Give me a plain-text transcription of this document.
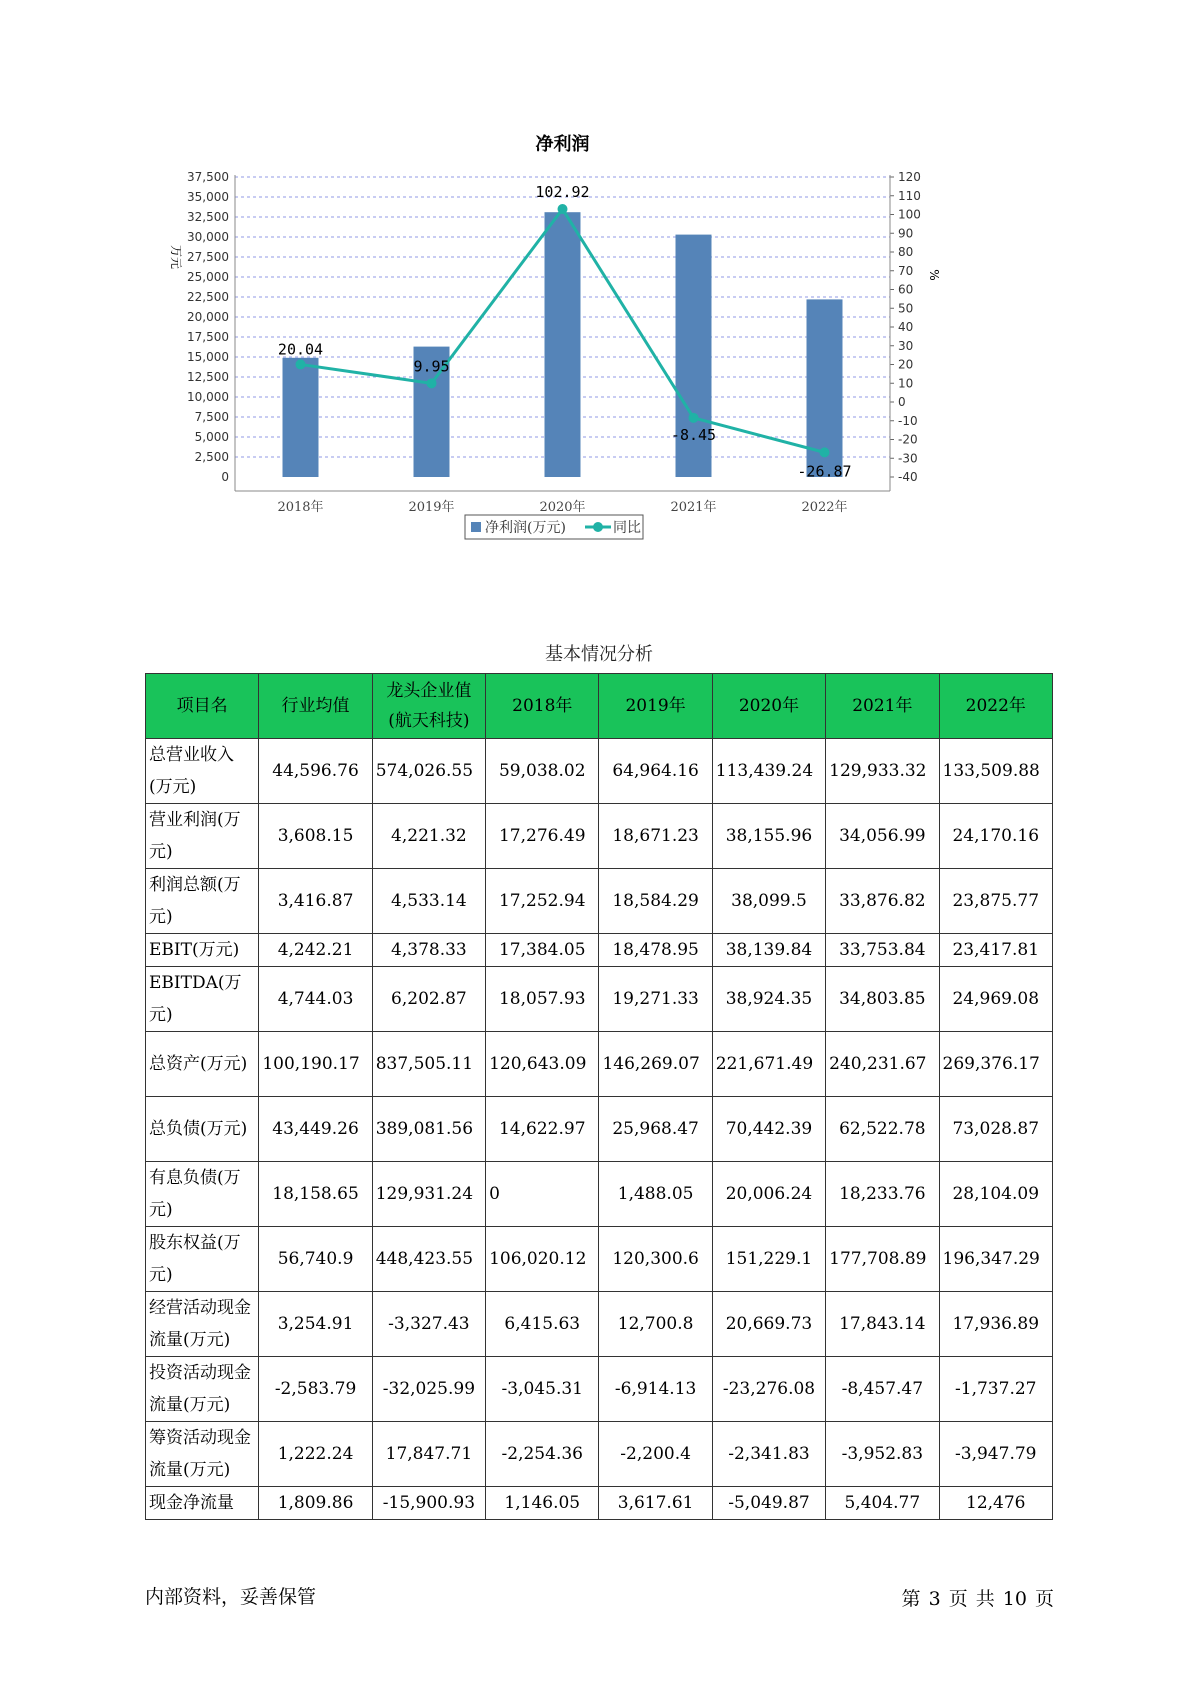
净利润
0
2,500
5,000
7,500
10,000
12,500
15,000
17,500
20,000
22,500
25,000
27,500
30,000
32,500
35,000
37,500
-40
-30
-20
-10
0
10
20
30
40
50
60
70
80
90
100
110
120
万元
%
2018年	2019年	2020年	2021年	2022年
20.04
9.95
102.92
-8.45
-26.87
净利润(万元)	同比
基本情况分析
项目名	行业均值	龙头企业值(航天科技)	2018年	2019年	2020年	2021年	2022年
总营业收入(万元)	44,596.76	574,026.55	59,038.02	64,964.16	113,439.24	129,933.32	133,509.88
营业利润(万元)	3,608.15	4,221.32	17,276.49	18,671.23	38,155.96	34,056.99	24,170.16
利润总额(万元)	3,416.87	4,533.14	17,252.94	18,584.29	38,099.5	33,876.82	23,875.77
EBIT(万元)	4,242.21	4,378.33	17,384.05	18,478.95	38,139.84	33,753.84	23,417.81
EBITDA(万元)	4,744.03	6,202.87	18,057.93	19,271.33	38,924.35	34,803.85	24,969.08
总资产(万元)	100,190.17	837,505.11	120,643.09	146,269.07	221,671.49	240,231.67	269,376.17
总负债(万元)	43,449.26	389,081.56	14,622.97	25,968.47	70,442.39	62,522.78	73,028.87
有息负债(万元)	18,158.65	129,931.24	0	1,488.05	20,006.24	18,233.76	28,104.09
股东权益(万元)	56,740.9	448,423.55	106,020.12	120,300.6	151,229.1	177,708.89	196,347.29
经营活动现金流量(万元)	3,254.91	-3,327.43	6,415.63	12,700.8	20,669.73	17,843.14	17,936.89
投资活动现金流量(万元)	-2,583.79	-32,025.99	-3,045.31	-6,914.13	-23,276.08	-8,457.47	-1,737.27
筹资活动现金流量(万元)	1,222.24	17,847.71	-2,254.36	-2,200.4	-2,341.83	-3,952.83	-3,947.79
现金净流量	1,809.86	-15,900.93	1,146.05	3,617.61	-5,049.87	5,404.77	12,476
内部资料，妥善保管	第 3 页 共 10 页
